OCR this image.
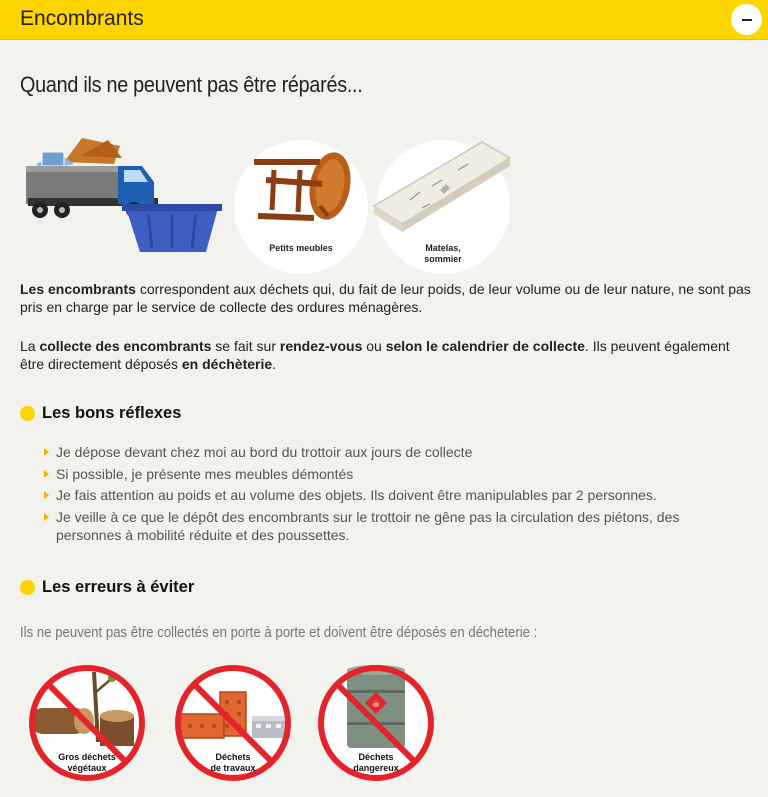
Encombrants
Quand ils ne peuvent pas être réparés...
Petits meubles	Matelas,
sommier

Les encombrants correspondent aux déchets qui, du fait de leur poids, de leur volume ou de leur nature, ne sont pas pris en charge par le service de collecte des ordures ménagères.

La collecte des encombrants se fait sur rendez-vous ou selon le calendrier de collecte. Ils peuvent également être directement déposés en déchèterie.

Les bons réflexes
Je dépose devant chez moi au bord du trottoir aux jours de collecte
Si possible, je présente mes meubles démontés
Je fais attention au poids et au volume des objets. Ils doivent être manipulables par 2 personnes.
Je veille à ce que le dépôt des encombrants sur le trottoir ne gêne pas la circulation des piétons, des personnes à mobilité réduite et des poussettes.
Les erreurs à éviter
Ils ne peuvent pas être collectés en porte à porte et doivent être déposés en décheterie :
Gros déchets
végétaux
Déchets
de travaux
☠
Déchets
dangereux
